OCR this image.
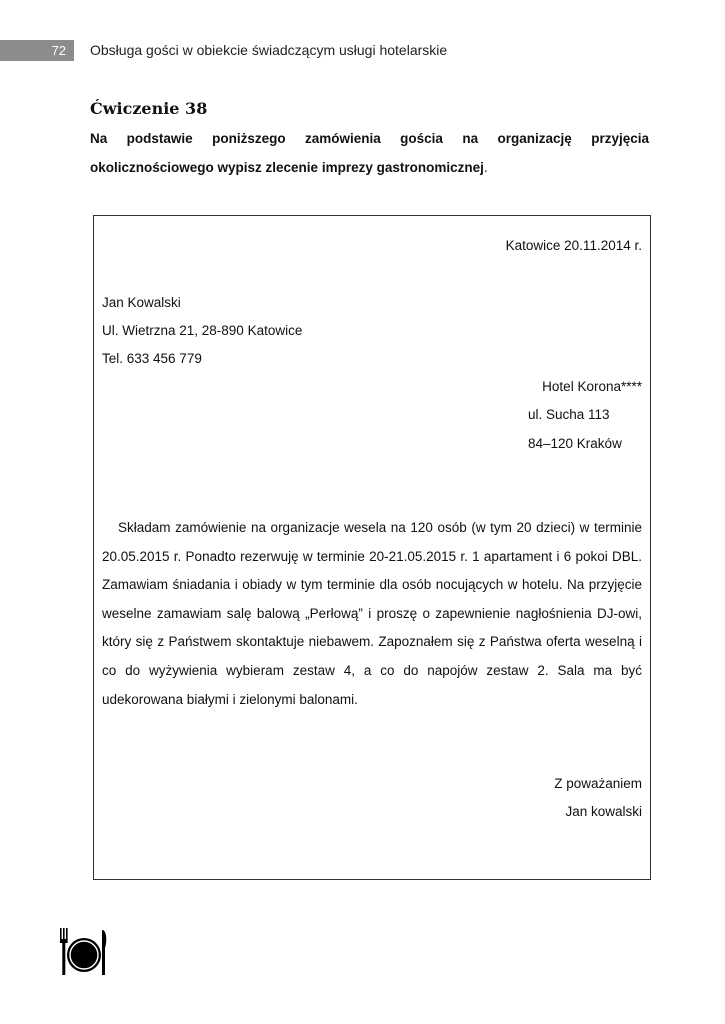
72 Obsługa gości w obiekcie świadczącym usługi hotelarskie
Ćwiczenie 38
Na podstawie poniższego zamówienia gościa na organizację przyjęcia
okolicznościowego wypisz zlecenie imprezy gastronomicznej.
Katowice 20.11.2014 r.
Jan Kowalski
Ul. Wietrzna 21, 28-890 Katowice
Tel. 633 456 779
Hotel Korona****
ul. Sucha 113
84–120 Kraków
Składam zamówienie na organizacje wesela na 120 osób (w tym 20 dzieci) w terminie 20.05.2015 r. Ponadto rezerwuję w terminie 20-21.05.2015 r. 1 apartament i 6 pokoi DBL. Zamawiam śniadania i obiady w tym terminie dla osób nocujących w hotelu. Na przyjęcie weselne zamawiam salę balową „Perłową” i proszę o zapewnienie nagłośnienia DJ-owi, który się z Państwem skontaktuje niebawem. Zapoznałem się z Państwa oferta weselną i co do wyżywienia wybieram zestaw 4, a co do napojów zestaw 2. Sala ma być udekorowana białymi i zielonymi balonami.
Z poważaniem
Jan kowalski
